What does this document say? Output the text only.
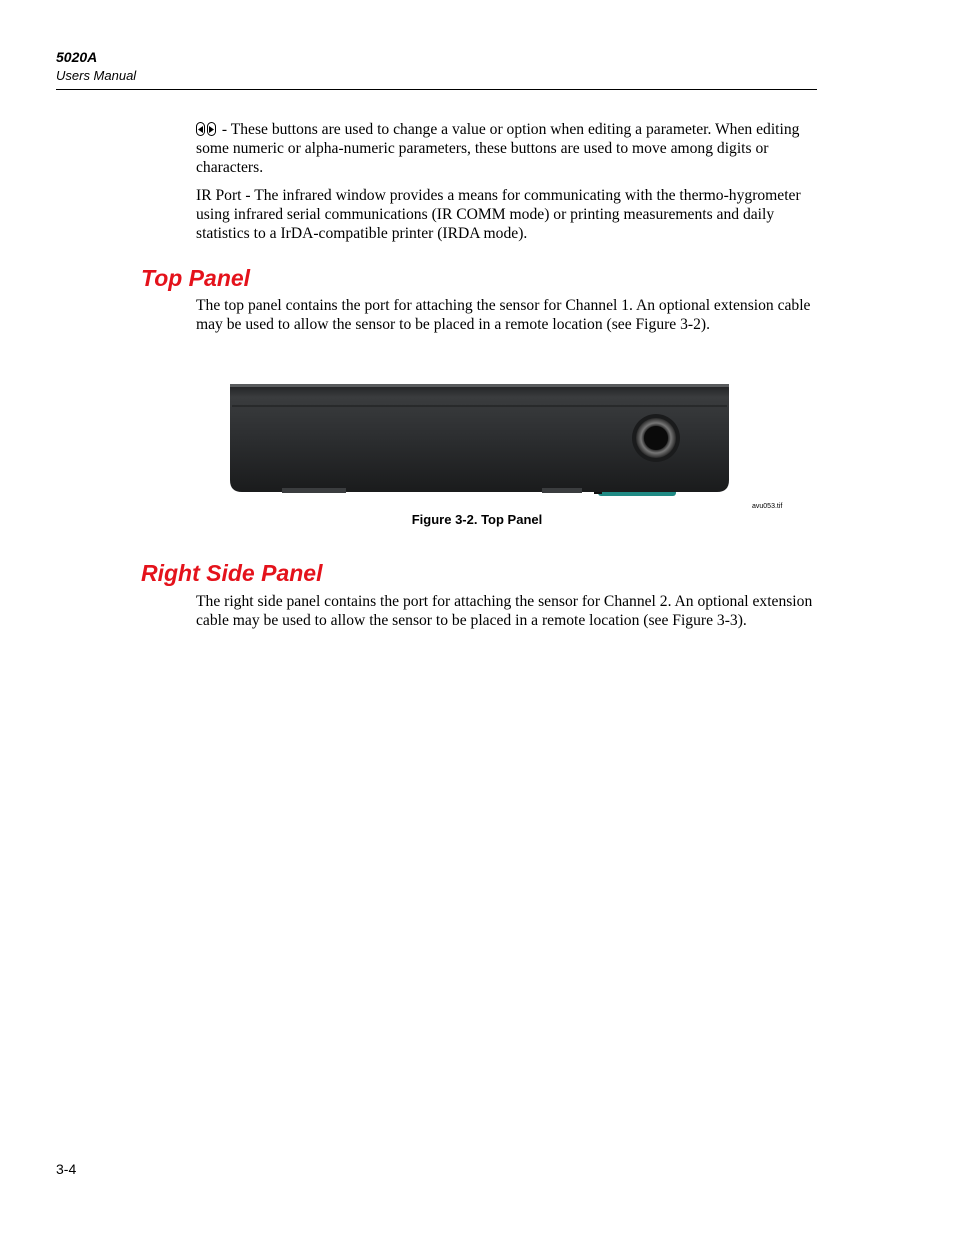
5020A
Users Manual

- These buttons are used to change a value or option when editing a parameter. When editing some numeric or alpha-numeric parameters, these buttons are used to move among digits or characters.

IR Port - The infrared window provides a means for communicating with the thermo-hygrometer using infrared serial communications (IR COMM mode) or printing measurements and daily statistics to a IrDA-compatible printer (IRDA mode).

Top Panel

The top panel contains the port for attaching the sensor for Channel 1. An optional extension cable may be used to allow the sensor to be placed in a remote location (see Figure 3-2).

avu053.tif
Figure 3-2. Top Panel
Right Side Panel

The right side panel contains the port for attaching the sensor for Channel 2. An optional extension cable may be used to allow the sensor to be placed in a remote location (see Figure 3-3).

3-4
